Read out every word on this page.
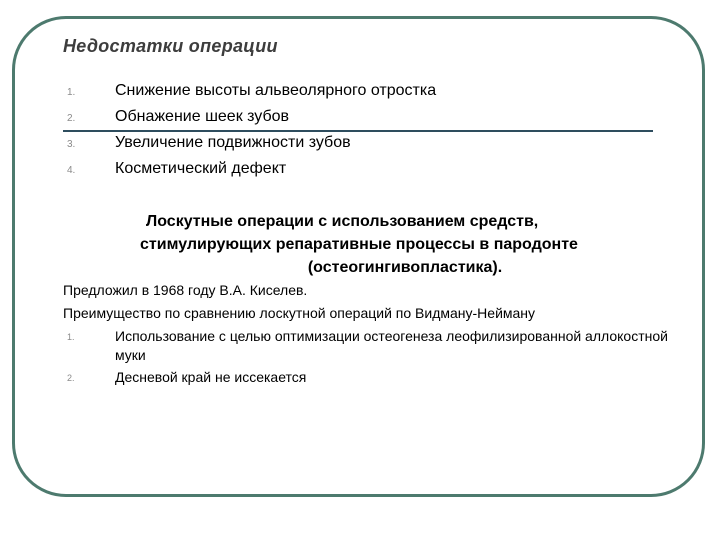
Недостатки операции
1. Снижение высоты альвеолярного отростка
2. Обнажение шеек зубов
3. Увеличение подвижности зубов
4. Косметический дефект
Лоскутные операции с использованием средств,
стимулирующих репаративные процессы в пародонте
(остеогингивопластика).
Предложил в 1968 году В.А. Киселев.
Преимущество по сравнению лоскутной операций по Видману-Нейману
1.	Использование с целью оптимизации остеогенеза леофилизированной аллокостной муки
2.	Десневой край не иссекается
